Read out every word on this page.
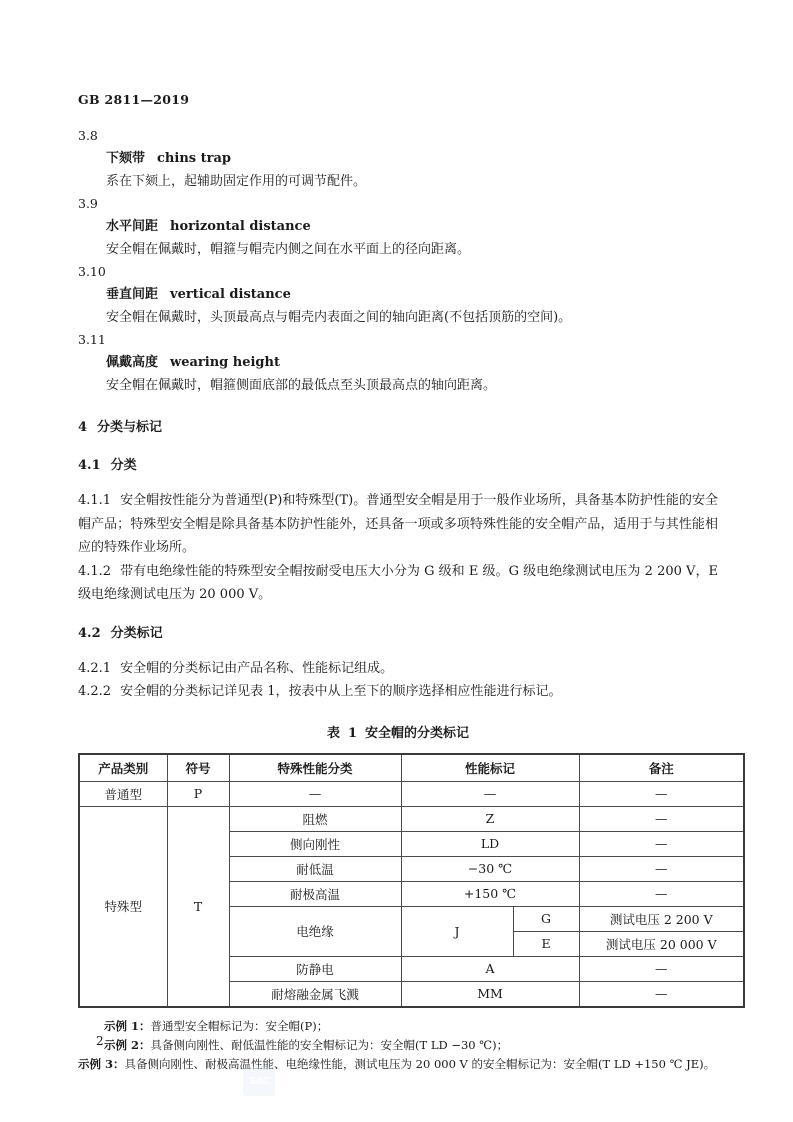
GB 2811—2019

3.8

下颏带 chins trap

系在下颏上，起辅助固定作用的可调节配件。

3.9

水平间距 horizontal distance

安全帽在佩戴时，帽箍与帽壳内侧之间在水平面上的径向距离。

3.10

垂直间距 vertical distance

安全帽在佩戴时，头顶最高点与帽壳内表面之间的轴向距离(不包括顶筋的空间)。

3.11

佩戴高度 wearing height

安全帽在佩戴时，帽箍侧面底部的最低点至头顶最高点的轴向距离。

4 分类与标记

4.1 分类

4.1.1 安全帽按性能分为普通型(P)和特殊型(T)。普通型安全帽是用于一般作业场所，具备基本防护性能的安全帽产品；特殊型安全帽是除具备基本防护性能外，还具备一项或多项特殊性能的安全帽产品，适用于与其性能相应的特殊作业场所。

4.1.2 带有电绝缘性能的特殊型安全帽按耐受电压大小分为 G 级和 E 级。G 级电绝缘测试电压为 2 200 V，E 级电绝缘测试电压为 20 000 V。

4.2 分类标记

4.2.1 安全帽的分类标记由产品名称、性能标记组成。

4.2.2 安全帽的分类标记详见表 1，按表中从上至下的顺序选择相应性能进行标记。

表 1 安全帽的分类标记

产品类别	符号	特殊性能分类	性能标记		备注
普通型	P	—	—		—
特殊型	T	阻燃	Z		—
		侧向刚性	LD		—
		耐低温	−30 ℃		—
		耐极高温	+150 ℃		—
		电绝缘	J	G	测试电压 2 200 V
				E	测试电压 20 000 V
		防静电	A		—
		耐熔融金属飞溅	MM		—

示例 1：普通型安全帽标记为：安全帽(P)；

示例 2：具备侧向刚性、耐低温性能的安全帽标记为：安全帽(T LD −30 ℃)；

示例 3：具备侧向刚性、耐极高温性能、电绝缘性能，测试电压为 20 000 V 的安全帽标记为：安全帽(T LD +150 ℃ JE)。

2
SAC
